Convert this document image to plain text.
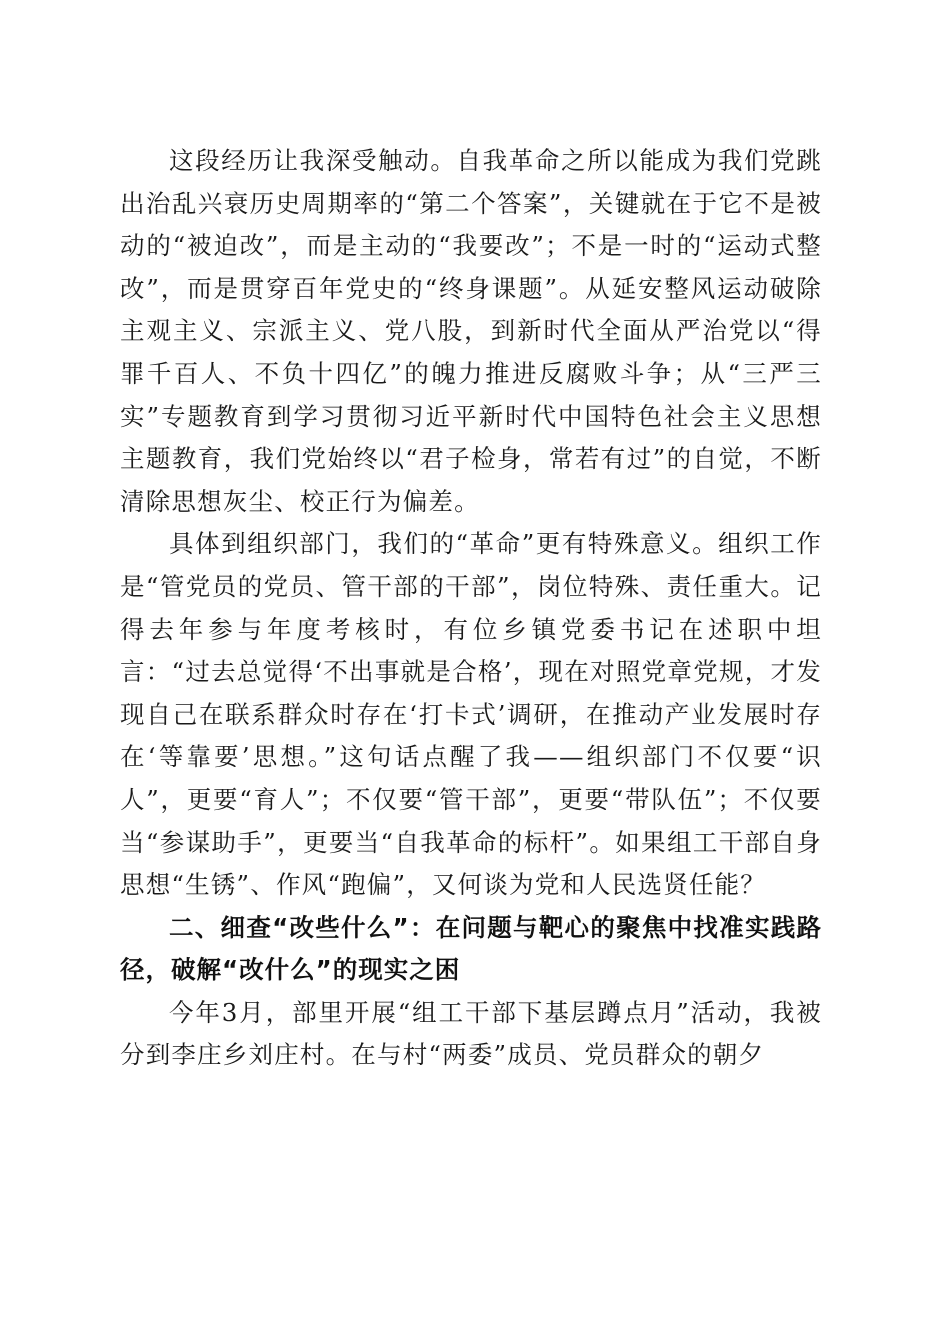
这段经历让我深受触动。自我革命之所以能成为我们党跳出治乱兴衰历史周期率的“第二个答案”，关键就在于它不是被动的“被迫改”，而是主动的“我要改”；不是一时的“运动式整改”，而是贯穿百年党史的“终身课题”。从延安整风运动破除主观主义、宗派主义、党八股，到新时代全面从严治党以“得罪千百人、不负十四亿”的魄力推进反腐败斗争；从“三严三实”专题教育到学习贯彻习近平新时代中国特色社会主义思想主题教育，我们党始终以“君子检身，常若有过”的自觉，不断清除思想灰尘、校正行为偏差。

具体到组织部门，我们的“革命”更有特殊意义。组织工作是“管党员的党员、管干部的干部”，岗位特殊、责任重大。记得去年参与年度考核时，有位乡镇党委书记在述职中坦言：“过去总觉得‘不出事就是合格’，现在对照党章党规，才发现自己在联系群众时存在‘打卡式’调研，在推动产业发展时存在‘等靠要’思想。”这句话点醒了我——组织部门不仅要“识人”，更要“育人”；不仅要“管干部”，更要“带队伍”；不仅要当“参谋助手”，更要当“自我革命的标杆”。如果组工干部自身思想“生锈”、作风“跑偏”，又何谈为党和人民选贤任能？

二、细查“改些什么”：在问题与靶心的聚焦中找准实践路径，破解“改什么”的现实之困

今年3月，部里开展“组工干部下基层蹲点月”活动，我被分到李庄乡刘庄村。在与村“两委”成员、党员群众的朝夕
